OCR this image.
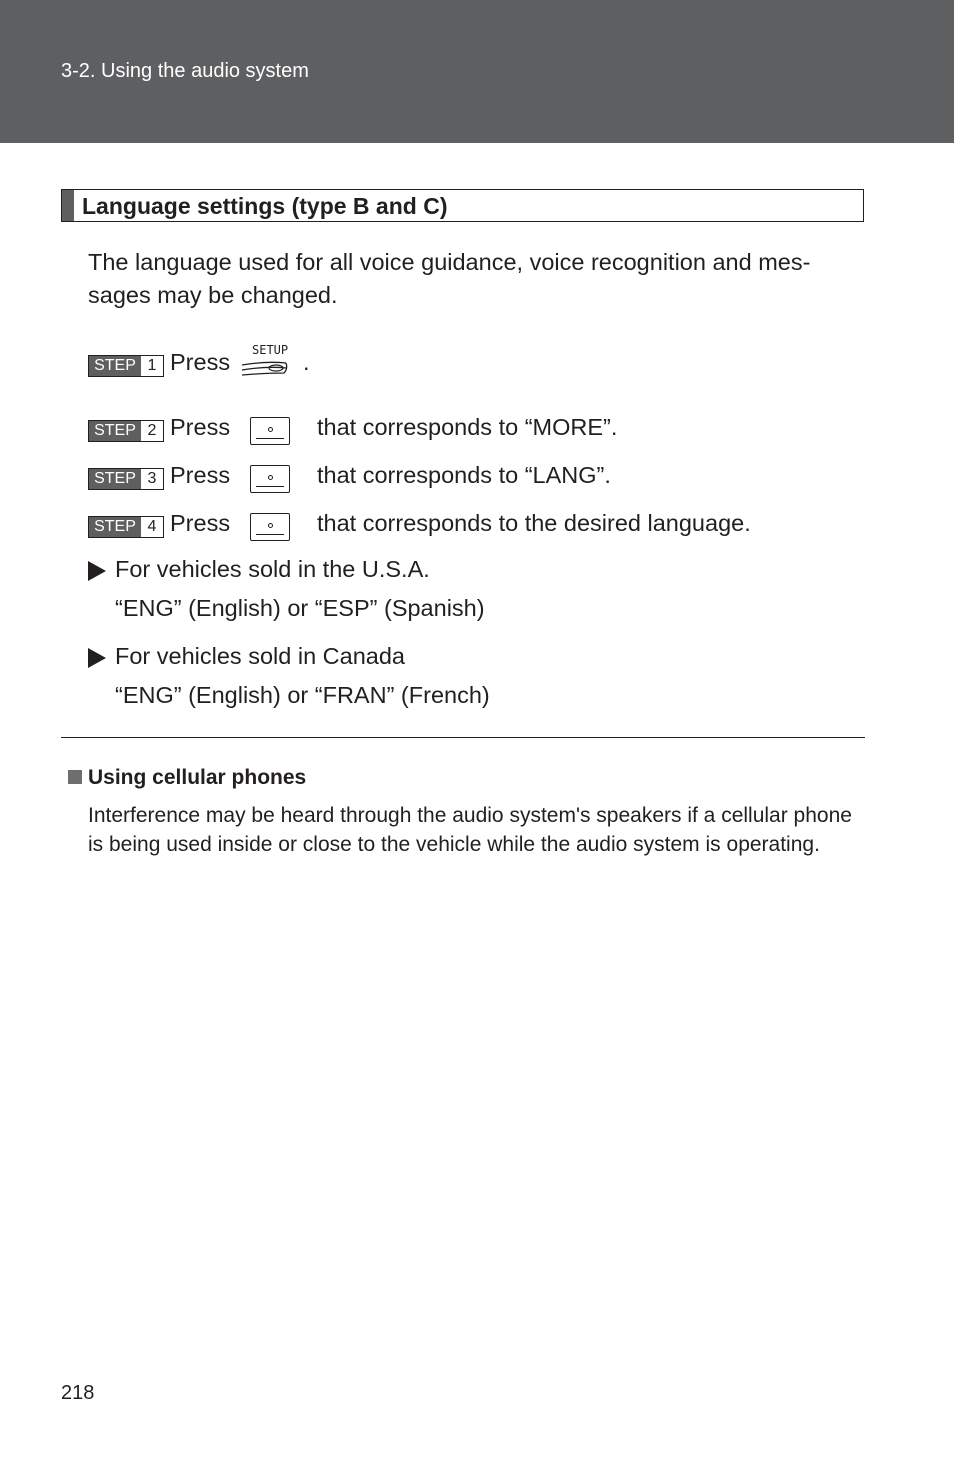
3-2. Using the audio system
Language settings (type B and C)
The language used for all voice guidance, voice recognition and mes-sages may be changed.
STEP 1 Press SETUP .
STEP 2 Press	that corresponds to “MORE”.
STEP 3 Press	that corresponds to “LANG”.
STEP 4 Press	that corresponds to the desired language.
For vehicles sold in the U.S.A.
“ENG” (English) or “ESP” (Spanish)
For vehicles sold in Canada
“ENG” (English) or “FRAN” (French)
Using cellular phones
Interference may be heard through the audio system's speakers if a cellular phone is being used inside or close to the vehicle while the audio system is operating.
218
